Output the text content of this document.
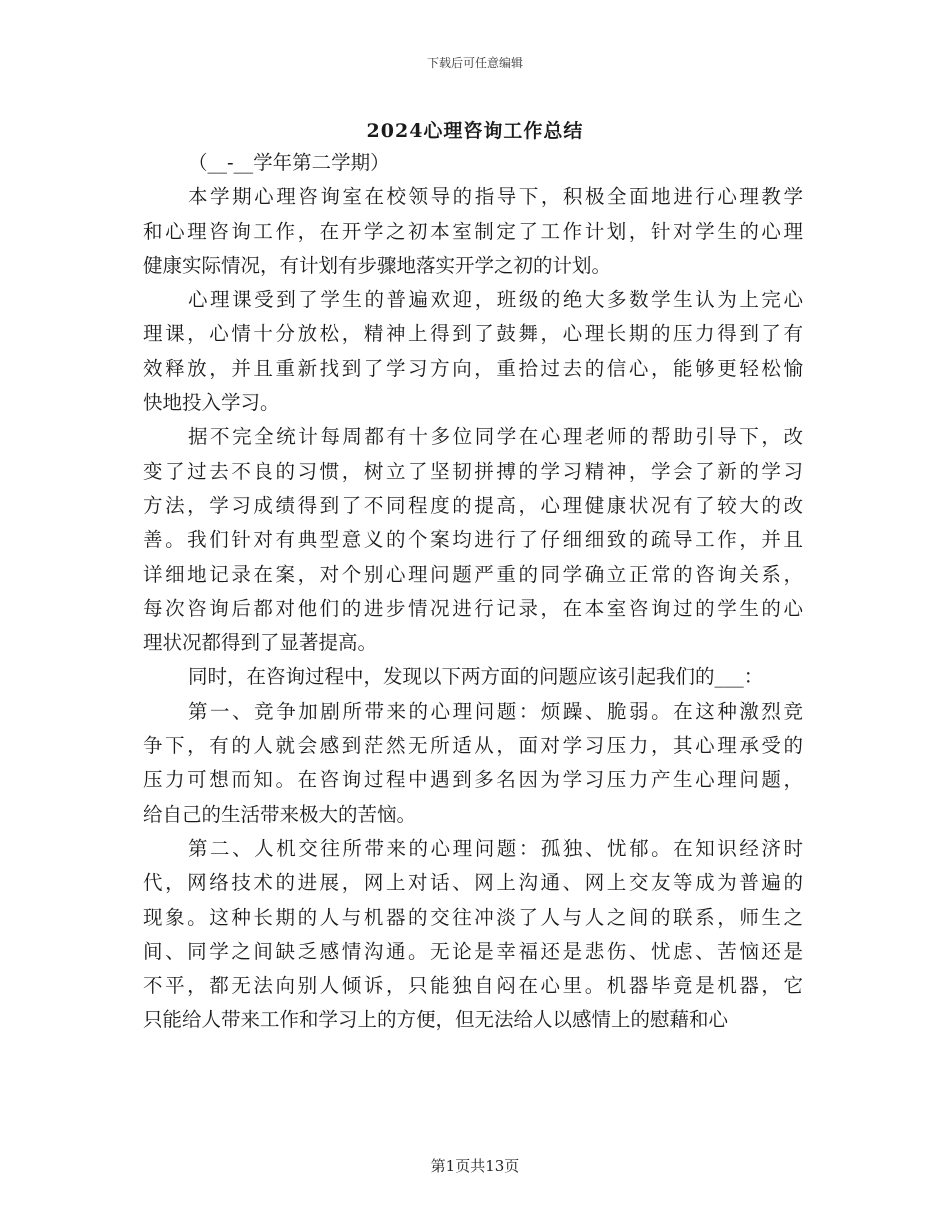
下载后可任意编辑
2024心理咨询工作总结
（__-__学年第二学期）
本学期心理咨询室在校领导的指导下，积极全面地进行心理教学
和心理咨询工作，在开学之初本室制定了工作计划，针对学生的心理
健康实际情况，有计划有步骤地落实开学之初的计划。
心理课受到了学生的普遍欢迎，班级的绝大多数学生认为上完心
理课，心情十分放松，精神上得到了鼓舞，心理长期的压力得到了有
效释放，并且重新找到了学习方向，重拾过去的信心，能够更轻松愉
快地投入学习。
据不完全统计每周都有十多位同学在心理老师的帮助引导下，改
变了过去不良的习惯，树立了坚韧拼搏的学习精神，学会了新的学习
方法，学习成绩得到了不同程度的提高，心理健康状况有了较大的改
善。我们针对有典型意义的个案均进行了仔细细致的疏导工作，并且
详细地记录在案，对个别心理问题严重的同学确立正常的咨询关系，
每次咨询后都对他们的进步情况进行记录，在本室咨询过的学生的心
理状况都得到了显著提高。
同时，在咨询过程中，发现以下两方面的问题应该引起我们的___：
第一、竞争加剧所带来的心理问题：烦躁、脆弱。在这种激烈竞
争下，有的人就会感到茫然无所适从，面对学习压力，其心理承受的
压力可想而知。在咨询过程中遇到多名因为学习压力产生心理问题，
给自己的生活带来极大的苦恼。
第二、人机交往所带来的心理问题：孤独、忧郁。在知识经济时
代，网络技术的进展，网上对话、网上沟通、网上交友等成为普遍的
现象。这种长期的人与机器的交往冲淡了人与人之间的联系，师生之
间、同学之间缺乏感情沟通。无论是幸福还是悲伤、忧虑、苦恼还是
不平，都无法向别人倾诉，只能独自闷在心里。机器毕竟是机器，它
只能给人带来工作和学习上的方便，但无法给人以感情上的慰藉和心
第1页共13页
